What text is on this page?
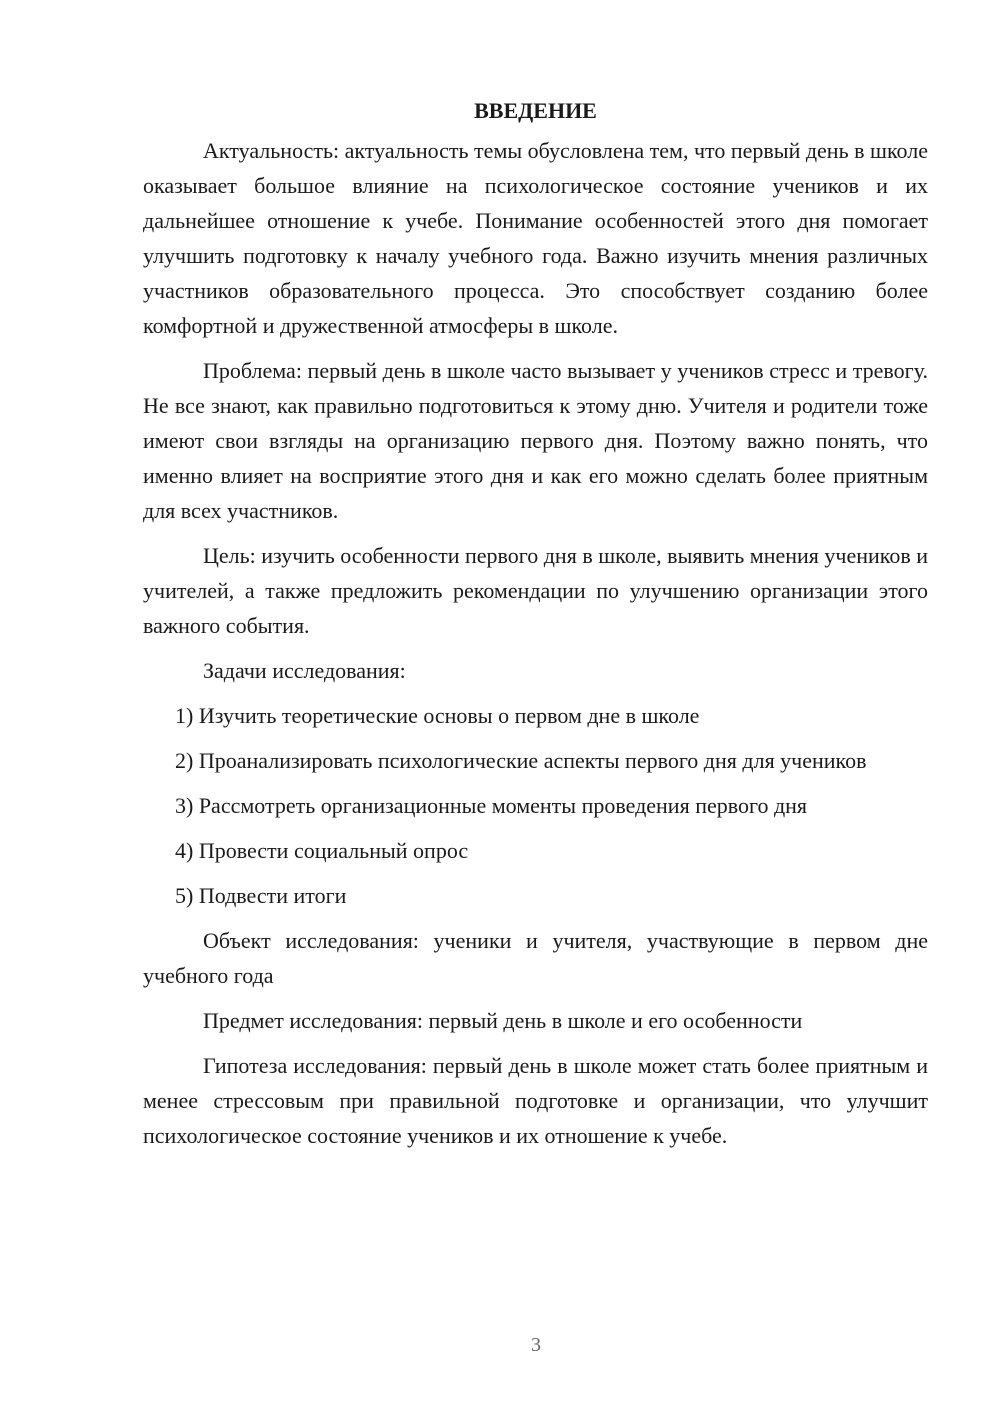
ВВЕДЕНИЕ

Актуальность: актуальность темы обусловлена тем, что первый день в школе оказывает большое влияние на психологическое состояние учеников и их дальнейшее отношение к учебе. Понимание особенностей этого дня помогает улучшить подготовку к началу учебного года. Важно изучить мнения различных участников образовательного процесса. Это способствует созданию более комфортной и дружественной атмосферы в школе.

Проблема: первый день в школе часто вызывает у учеников стресс и тревогу. Не все знают, как правильно подготовиться к этому дню. Учителя и родители тоже имеют свои взгляды на организацию первого дня. Поэтому важно понять, что именно влияет на восприятие этого дня и как его можно сделать более приятным для всех участников.

Цель: изучить особенности первого дня в школе, выявить мнения учеников и учителей, а также предложить рекомендации по улучшению организации этого важного события.

Задачи исследования:

1) Изучить теоретические основы о первом дне в школе

2) Проанализировать психологические аспекты первого дня для учеников

3) Рассмотреть организационные моменты проведения первого дня

4) Провести социальный опрос

5) Подвести итоги

Объект исследования: ученики и учителя, участвующие в первом дне учебного года

Предмет исследования: первый день в школе и его особенности

Гипотеза исследования: первый день в школе может стать более приятным и менее стрессовым при правильной подготовке и организации, что улучшит психологическое состояние учеников и их отношение к учебе.

3
